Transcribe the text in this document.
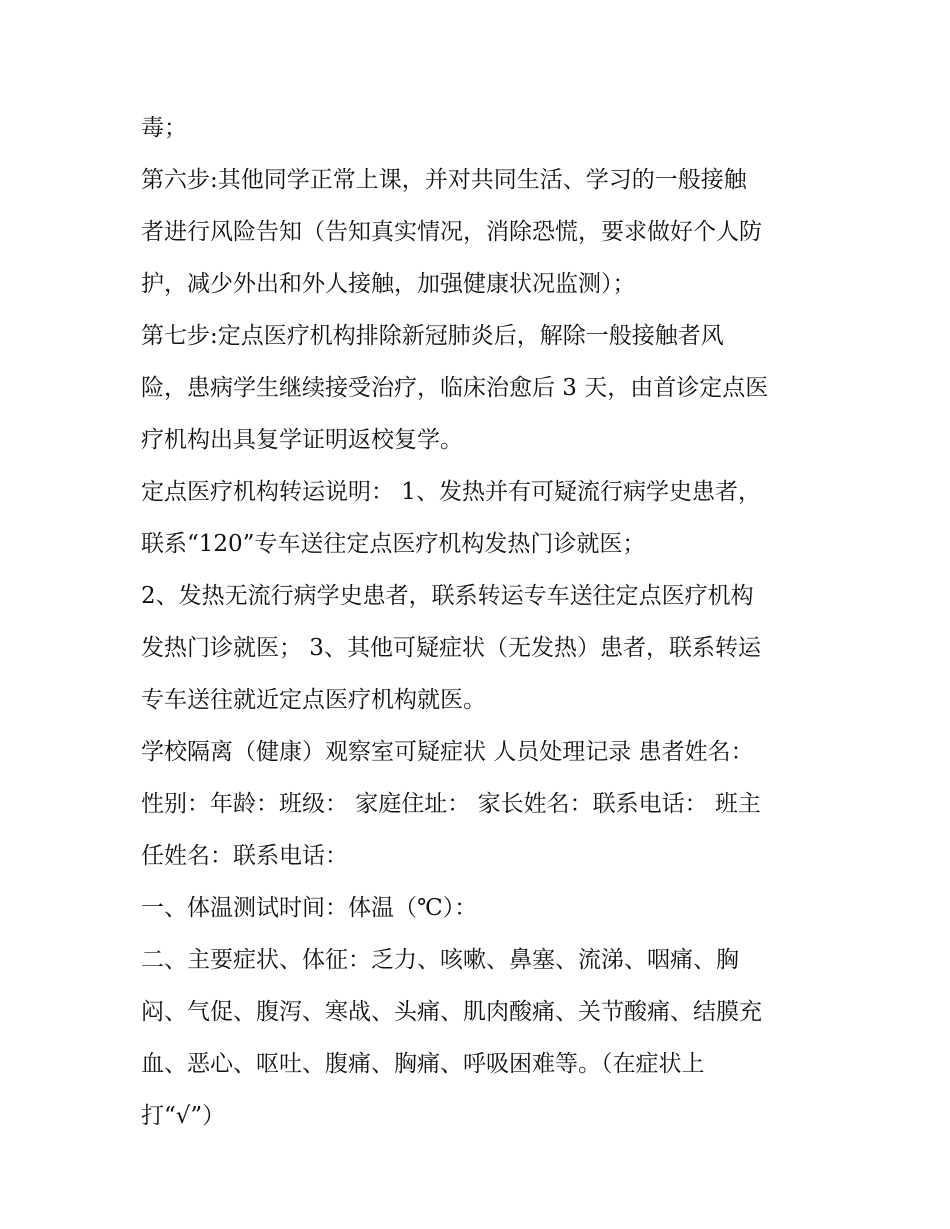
毒；
第六步:其他同学正常上课，并对共同生活、学习的一般接触
者进行风险告知（告知真实情况，消除恐慌，要求做好个人防
护，减少外出和外人接触，加强健康状况监测）；
第七步:定点医疗机构排除新冠肺炎后，解除一般接触者风
险，患病学生继续接受治疗，临床治愈后 3 天，由首诊定点医
疗机构出具复学证明返校复学。
定点医疗机构转运说明： 1、发热并有可疑流行病学史患者，
联系“120”专车送往定点医疗机构发热门诊就医；
2、发热无流行病学史患者，联系转运专车送往定点医疗机构
发热门诊就医； 3、其他可疑症状（无发热）患者，联系转运
专车送往就近定点医疗机构就医。
学校隔离（健康）观察室可疑症状 人员处理记录 患者姓名：
性别：年龄：班级： 家庭住址： 家长姓名：联系电话： 班主
任姓名：联系电话：
一、体温测试时间：体温（℃）：
二、主要症状、体征：乏力、咳嗽、鼻塞、流涕、咽痛、胸
闷、气促、腹泻、寒战、头痛、肌肉酸痛、关节酸痛、结膜充
血、恶心、呕吐、腹痛、胸痛、呼吸困难等。（在症状上
打“√”）
